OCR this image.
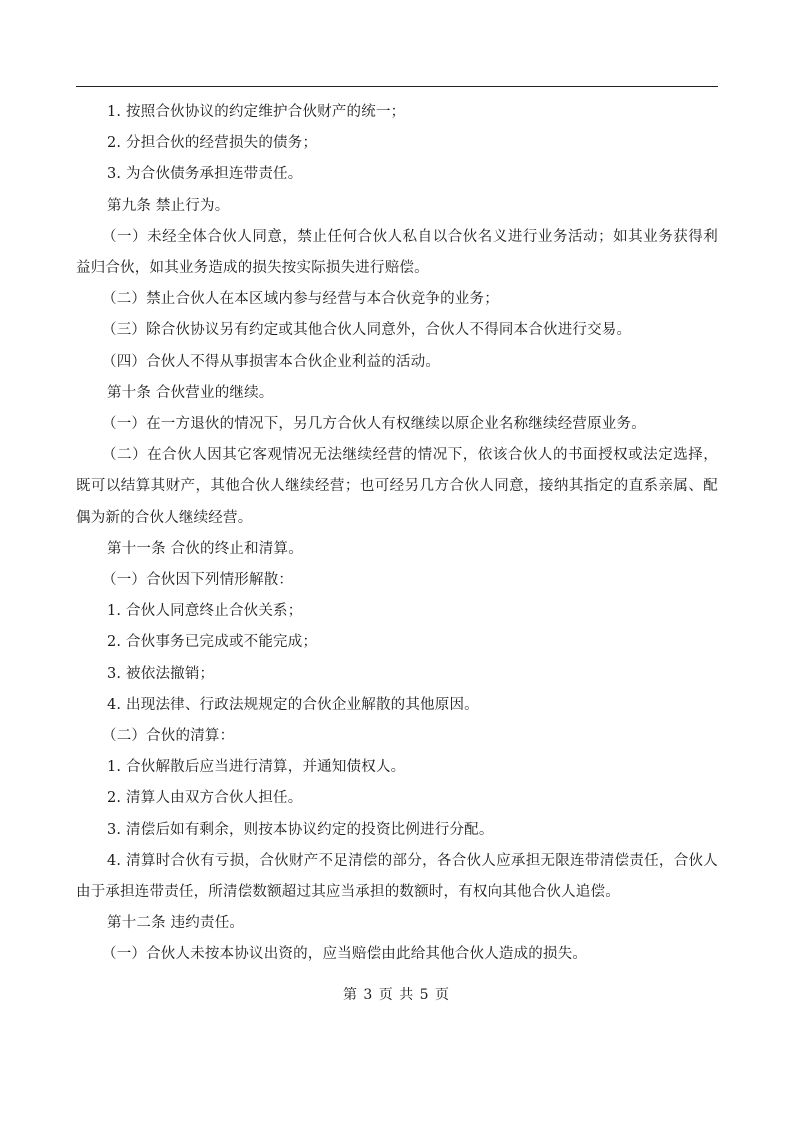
1. 按照合伙协议的约定维护合伙财产的统一；

2. 分担合伙的经营损失的债务；

3. 为合伙债务承担连带责任。

第九条 禁止行为。

（一）未经全体合伙人同意，禁止任何合伙人私自以合伙名义进行业务活动；如其业务获得利益归合伙，如其业务造成的损失按实际损失进行赔偿。

（二）禁止合伙人在本区域内参与经营与本合伙竞争的业务；

（三）除合伙协议另有约定或其他合伙人同意外，合伙人不得同本合伙进行交易。

（四）合伙人不得从事损害本合伙企业利益的活动。

第十条 合伙营业的继续。

（一）在一方退伙的情况下，另几方合伙人有权继续以原企业名称继续经营原业务。

（二）在合伙人因其它客观情况无法继续经营的情况下，依该合伙人的书面授权或法定选择，既可以结算其财产，其他合伙人继续经营；也可经另几方合伙人同意，接纳其指定的直系亲属、配偶为新的合伙人继续经营。

第十一条 合伙的终止和清算。

（一）合伙因下列情形解散：

1. 合伙人同意终止合伙关系；

2. 合伙事务已完成或不能完成；

3. 被依法撤销；

4. 出现法律、行政法规规定的合伙企业解散的其他原因。

（二）合伙的清算：

1. 合伙解散后应当进行清算，并通知债权人。

2. 清算人由双方合伙人担任。

3. 清偿后如有剩余，则按本协议约定的投资比例进行分配。

4. 清算时合伙有亏损，合伙财产不足清偿的部分，各合伙人应承担无限连带清偿责任，合伙人由于承担连带责任，所清偿数额超过其应当承担的数额时，有权向其他合伙人追偿。

第十二条 违约责任。

（一）合伙人未按本协议出资的，应当赔偿由此给其他合伙人造成的损失。

第 3 页 共 5 页
